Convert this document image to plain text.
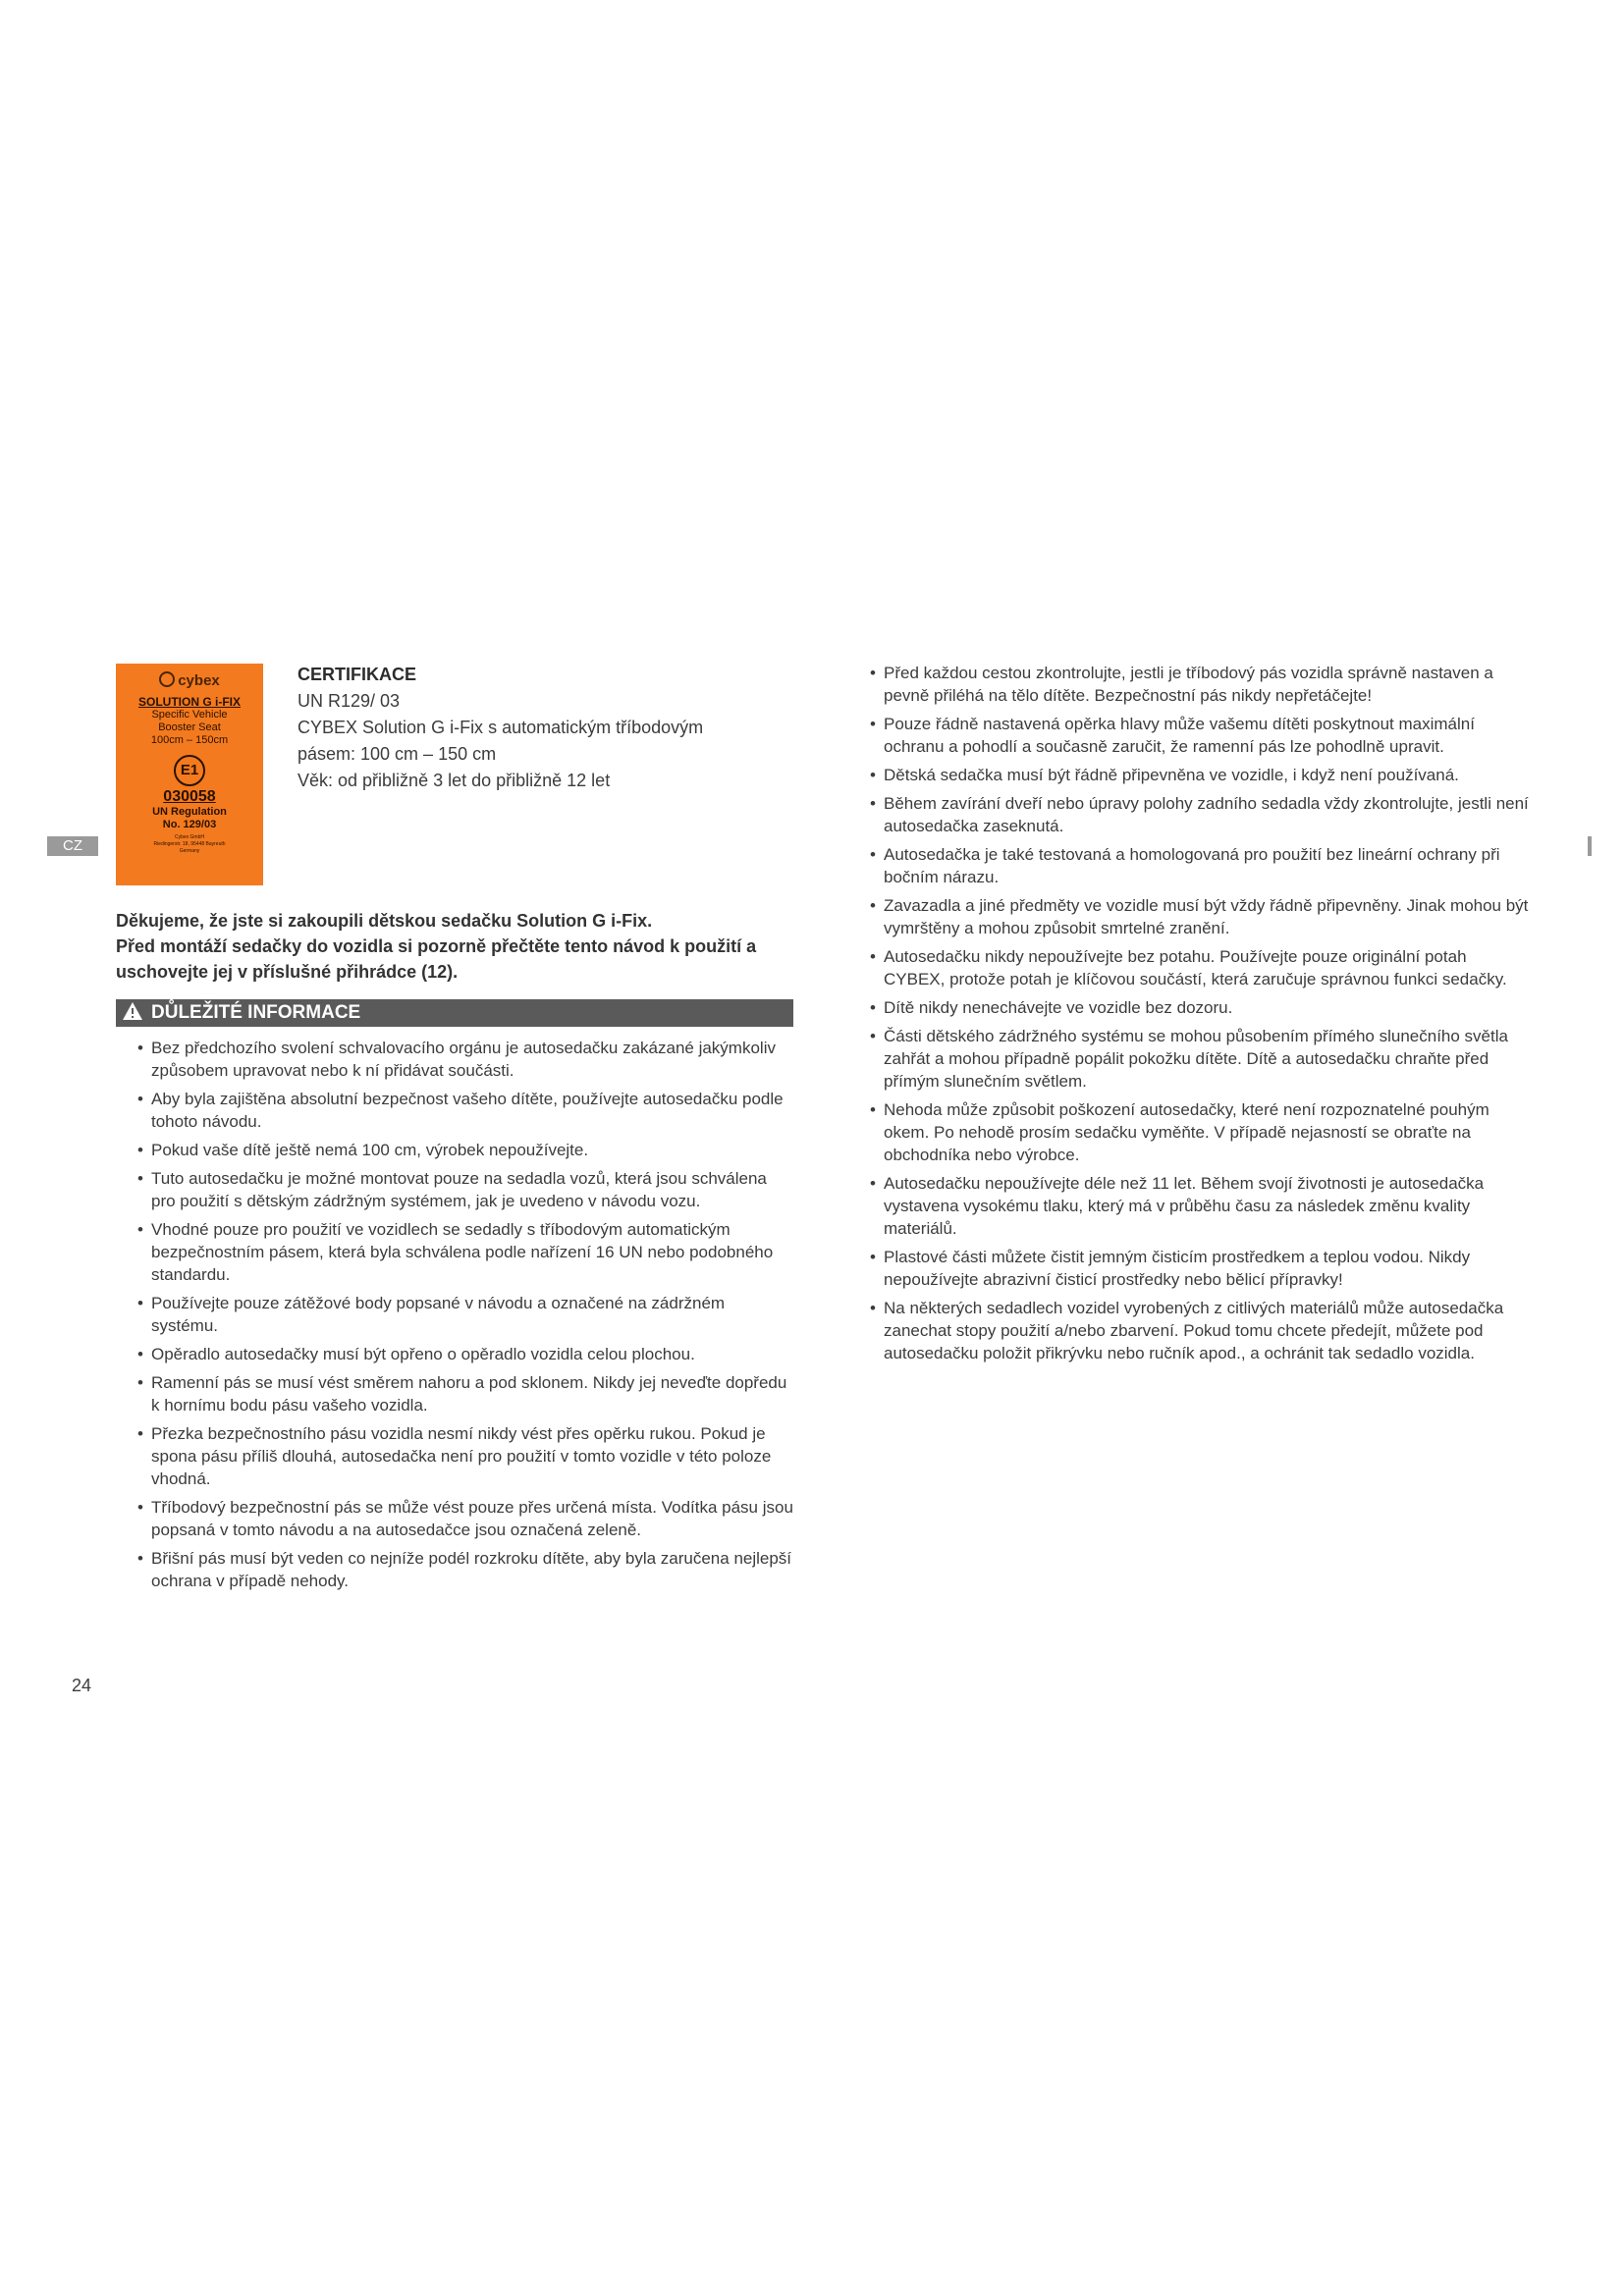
cybex
SOLUTION G i-FIX
Specific Vehicle
Booster Seat
100cm – 150cm
E1
030058
UN Regulation
No. 129/03
Cybex GmbH
Riedingerstr. 18, 95448 Bayreuth
Germany
CZ
CERTIFIKACE
UN R129/ 03
CYBEX Solution G i-Fix s automatickým tříbodovým
pásem: 100 cm – 150 cm
Věk: od přibližně 3 let do přibližně 12 let
Děkujeme, že jste si zakoupili dětskou sedačku Solution G i-Fix.
Před montáží sedačky do vozidla si pozorně přečtěte tento návod k použití a uschovejte jej v příslušné přihrádce (12).
DŮLEŽITÉ INFORMACE
• Bez předchozího svolení schvalovacího orgánu je autosedačku zakázané jakýmkoliv způsobem upravovat nebo k ní přidávat součásti.
• Aby byla zajištěna absolutní bezpečnost vašeho dítěte, používejte autosedačku podle tohoto návodu.
• Pokud vaše dítě ještě nemá 100 cm, výrobek nepoužívejte.
• Tuto autosedačku je možné montovat pouze na sedadla vozů, která jsou schválena pro použití s dětským zádržným systémem, jak je uvedeno v návodu vozu.
• Vhodné pouze pro použití ve vozidlech se sedadly s tříbodovým automatickým bezpečnostním pásem, která byla schválena podle nařízení 16 UN nebo podobného standardu.
• Používejte pouze zátěžové body popsané v návodu a označené na zádržném systému.
• Opěradlo autosedačky musí být opřeno o opěradlo vozidla celou plochou.
• Ramenní pás se musí vést směrem nahoru a pod sklonem. Nikdy jej neveďte dopředu k hornímu bodu pásu vašeho vozidla.
• Přezka bezpečnostního pásu vozidla nesmí nikdy vést přes opěrku rukou. Pokud je spona pásu příliš dlouhá, autosedačka není pro použití v tomto vozidle v této poloze vhodná.
• Tříbodový bezpečnostní pás se může vést pouze přes určená místa. Vodítka pásu jsou popsaná v tomto návodu a na autosedačce jsou označená zeleně.
• Břišní pás musí být veden co nejníže podél rozkroku dítěte, aby byla zaručena nejlepší ochrana v případě nehody.
• Před každou cestou zkontrolujte, jestli je tříbodový pás vozidla správně nastaven a pevně přiléhá na tělo dítěte. Bezpečnostní pás nikdy nepřetáčejte!
• Pouze řádně nastavená opěrka hlavy může vašemu dítěti poskytnout maximální ochranu a pohodlí a současně zaručit, že ramenní pás lze pohodlně upravit.
• Dětská sedačka musí být řádně připevněna ve vozidle, i když není používaná.
• Během zavírání dveří nebo úpravy polohy zadního sedadla vždy zkontrolujte, jestli není autosedačka zaseknutá.
• Autosedačka je také testovaná a homologovaná pro použití bez lineární ochrany při bočním nárazu.
• Zavazadla a jiné předměty ve vozidle musí být vždy řádně připevněny. Jinak mohou být vymrštěny a mohou způsobit smrtelné zranění.
• Autosedačku nikdy nepoužívejte bez potahu. Používejte pouze originální potah CYBEX, protože potah je klíčovou součástí, která zaručuje správnou funkci sedačky.
• Dítě nikdy nenechávejte ve vozidle bez dozoru.
• Části dětského zádržného systému se mohou působením přímého slunečního světla zahřát a mohou případně popálit pokožku dítěte. Dítě a autosedačku chraňte před přímým slunečním světlem.
• Nehoda může způsobit poškození autosedačky, které není rozpoznatelné pouhým okem. Po nehodě prosím sedačku vyměňte. V případě nejasností se obraťte na obchodníka nebo výrobce.
• Autosedačku nepoužívejte déle než 11 let. Během svojí životnosti je autosedačka vystavena vysokému tlaku, který má v průběhu času za následek změnu kvality materiálů.
• Plastové části můžete čistit jemným čisticím prostředkem a teplou vodou. Nikdy nepoužívejte abrazivní čisticí prostředky nebo bělicí přípravky!
• Na některých sedadlech vozidel vyrobených z citlivých materiálů může autosedačka zanechat stopy použití a/nebo zbarvení. Pokud tomu chcete předejít, můžete pod autosedačku položit přikrývku nebo ručník apod., a ochránit tak sedadlo vozidla.
24
